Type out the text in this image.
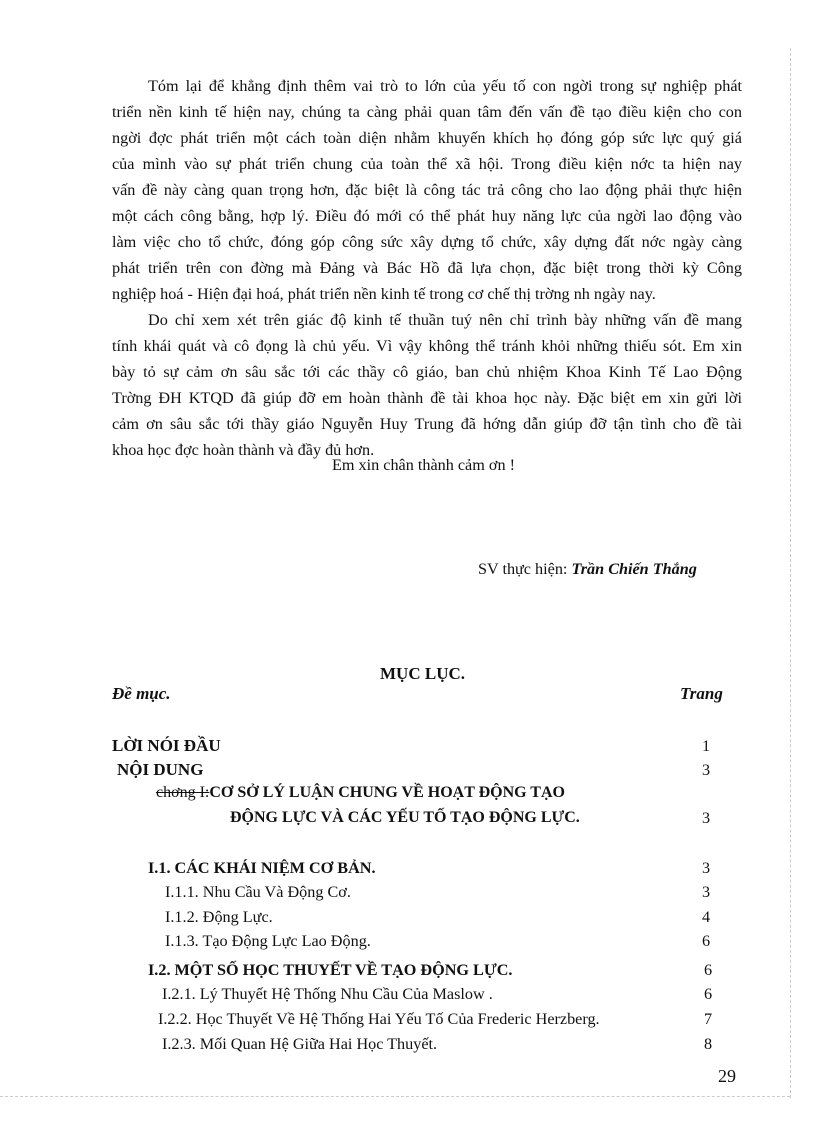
Tóm lại để khẳng định thêm vai trò to lớn của yếu tố con ngời trong sự nghiệp phát
triển nền kinh tế hiện nay, chúng ta càng phải quan tâm đến vấn đề tạo điều kiện cho con
ngời đợc phát triển một cách toàn diện nhằm khuyến khích họ đóng góp sức lực quý giá
của mình vào sự phát triển chung của toàn thể xã hội. Trong điều kiện nớc ta hiện nay
vấn đề này càng quan trọng hơn, đặc biệt là công tác trả công cho lao động phải thực hiện
một cách công bằng, hợp lý. Điều đó mới có thể phát huy năng lực của ngời lao động vào
làm việc cho tổ chức, đóng góp công sức xây dựng tổ chức, xây dựng đất nớc ngày càng
phát triển trên con đờng mà Đảng và Bác Hồ đã lựa chọn, đặc biệt trong thời kỳ Công
nghiệp hoá - Hiện đại hoá, phát triển nền kinh tế trong cơ chế thị trờng nh ngày nay.
Do chỉ xem xét trên giác độ kinh tế thuần tuý nên chỉ trình bày những vấn đề mang
tính khái quát và cô đọng là chủ yếu. Vì vậy không thể tránh khỏi những thiếu sót. Em xin
bày tỏ sự cảm ơn sâu sắc tới các thầy cô giáo, ban chủ nhiệm Khoa Kinh Tế Lao Động
Trờng ĐH KTQD đã giúp đỡ em hoàn thành đề tài khoa học này. Đặc biệt em xin gửi lời
cảm ơn sâu sắc tới thầy giáo Nguyễn Huy Trung đã hớng dẫn giúp đỡ tận tình cho đề tài
khoa học đợc hoàn thành và đầy đủ hơn.
Em xin chân thành cảm ơn !
SV thực hiện: Trần Chiến Thắng
MỤC LỤC.
Đề mục.	Trang
LỜI NÓI ĐẦU	1
NỘI DUNG	3
chơng I:CƠ SỞ LÝ LUẬN CHUNG VỀ HOẠT ĐỘNG TẠO
ĐỘNG LỰC VÀ CÁC YẾU TỐ TẠO ĐỘNG LỰC.	3
I.1. CÁC KHÁI NIỆM CƠ BẢN.	3
I.1.1. Nhu Cầu Và Động Cơ.	3
I.1.2. Động Lực.	4
I.1.3. Tạo Động Lực Lao Động.	6
I.2. MỘT SỐ HỌC THUYẾT VỀ TẠO ĐỘNG LỰC.	6
I.2.1. Lý Thuyết Hệ Thống Nhu Cầu Của Maslow .	6
I.2.2. Học Thuyết Về Hệ Thống Hai Yếu Tố Của Frederic Herzberg.	7
I.2.3. Mối Quan Hệ Giữa Hai Học Thuyết.	8
29
